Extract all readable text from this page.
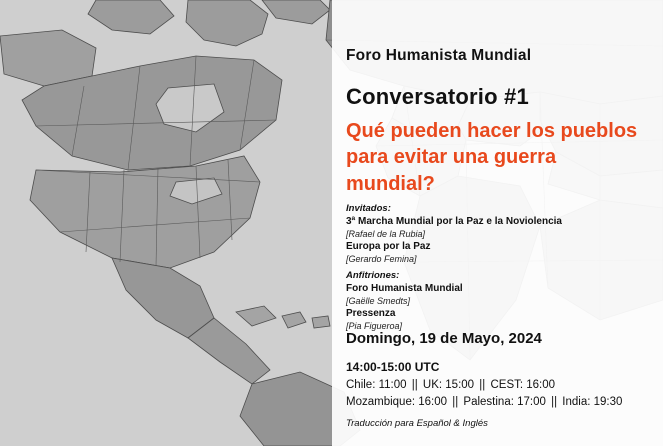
Foro Humanista Mundial
Conversatorio #1
Qué pueden hacer los pueblos para evitar una guerra mundial?
Invitados:
3ª Marcha Mundial por la Paz e la Noviolencia
[Rafael de la Rubia]
Europa por la Paz
[Gerardo Femina]
Anfitriones:
Foro Humanista Mundial
[Gaëlle Smedts]
Pressenza
[Pia Figueroa]
Domingo, 19 de Mayo, 2024
14:00-15:00 UTC
Chile: 11:00 || UK: 15:00 || CEST: 16:00
Mozambique: 16:00 || Palestina: 17:00 || India: 19:30
Traducción para Español & Inglés
